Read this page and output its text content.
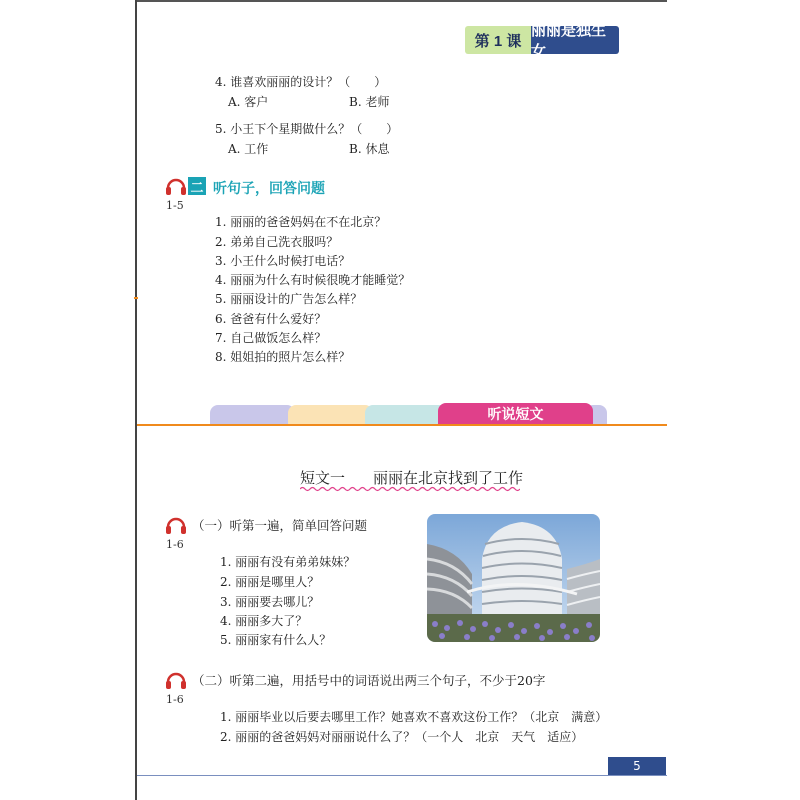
第 1 课
丽丽是独生女
4. 谁喜欢丽丽的设计？（　　）
A. 客户	B. 老师
5. 小王下个星期做什么？（　　）
A. 工作	B. 休息
二 听句子，回答问题
1-5
1. 丽丽的爸爸妈妈在不在北京？
2. 弟弟自己洗衣服吗？
3. 小王什么时候打电话？
4. 丽丽为什么有时候很晚才能睡觉？
5. 丽丽设计的广告怎么样？
6. 爸爸有什么爱好？
7. 自己做饭怎么样？
8. 姐姐拍的照片怎么样？
听说短文
短文一 丽丽在北京找到了工作
（一）听第一遍，简单回答问题
1-6
1. 丽丽有没有弟弟妹妹？
2. 丽丽是哪里人？
3. 丽丽要去哪儿？
4. 丽丽多大了？
5. 丽丽家有什么人？
（二）听第二遍，用括号中的词语说出两三个句子，不少于20字
1-6
1. 丽丽毕业以后要去哪里工作？她喜欢不喜欢这份工作？（北京　满意）
2. 丽丽的爸爸妈妈对丽丽说什么了？（一个人　北京　天气　适应）
5
